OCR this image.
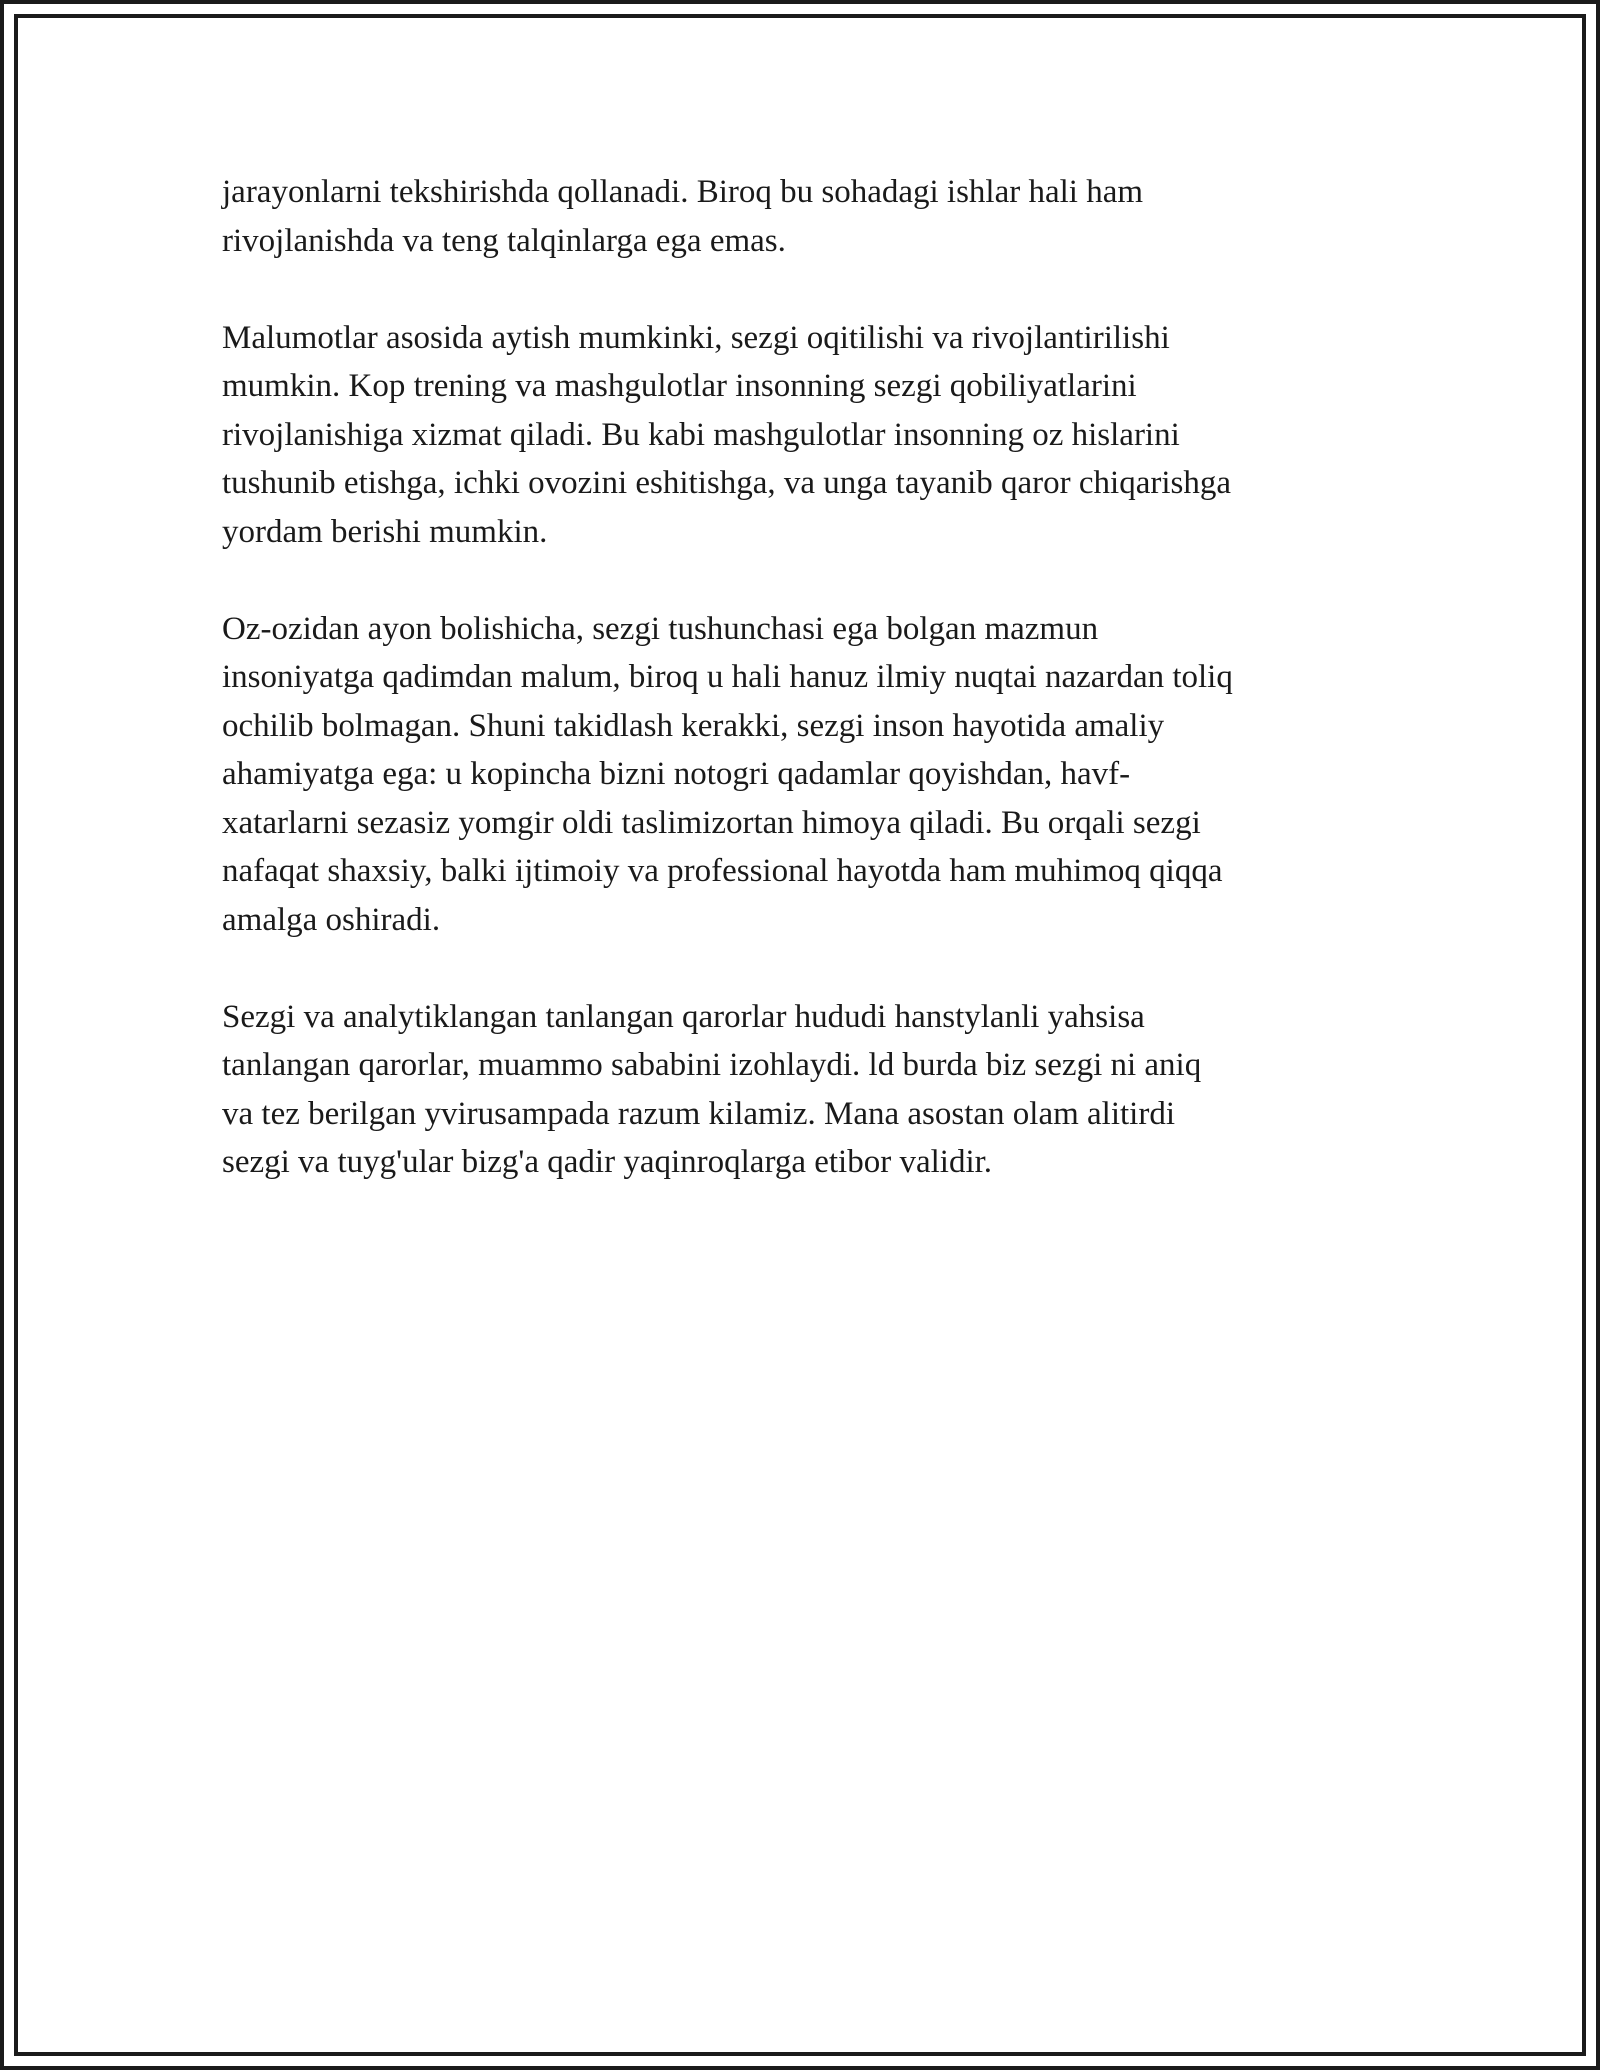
jarayonlarni tekshirishda qollanadi. Biroq bu sohadagi ishlar hali ham
rivojlanishda va teng talqinlarga ega emas.

Malumotlar asosida aytish mumkinki, sezgi oqitilishi va rivojlantirilishi
mumkin. Kop trening va mashgulotlar insonning sezgi qobiliyatlarini
rivojlanishiga xizmat qiladi. Bu kabi mashgulotlar insonning oz hislarini
tushunib etishga, ichki ovozini eshitishga, va unga tayanib qaror chiqarishga
yordam berishi mumkin.

Oz-ozidan ayon bolishicha, sezgi tushunchasi ega bolgan mazmun
insoniyatga qadimdan malum, biroq u hali hanuz ilmiy nuqtai nazardan toliq
ochilib bolmagan. Shuni takidlash kerakki, sezgi inson hayotida amaliy
ahamiyatga ega: u kopincha bizni notogri qadamlar qoyishdan, havf-
xatarlarni sezasiz yomgir oldi taslimizortan himoya qiladi. Bu orqali sezgi
nafaqat shaxsiy, balki ijtimoiy va professional hayotda ham muhimoq qiqqa
amalga oshiradi.

Sezgi va analytiklangan tanlangan qarorlar hududi hanstylanli yahsisa
tanlangan qarorlar, muammo sababini izohlaydi. ld burda biz sezgi ni aniq
va tez berilgan yvirusampada razum kilamiz. Mana asostan olam alitirdi
sezgi va tuyg'ular bizg'a qadir yaqinroqlarga etibor validir.
